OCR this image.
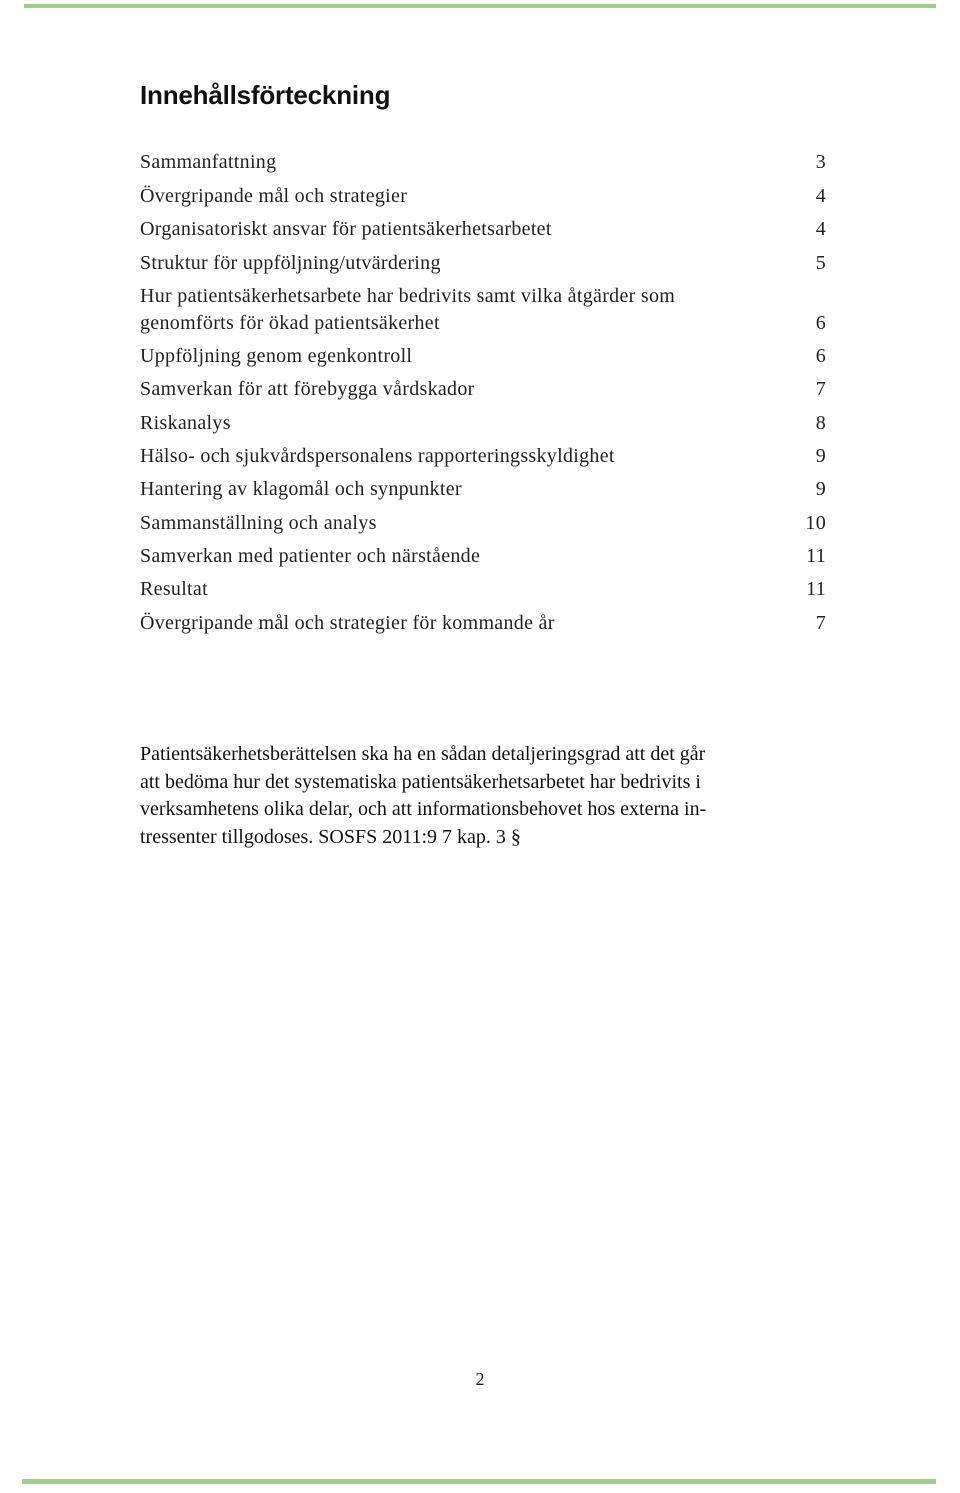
Innehållsförteckning
Sammanfattning	3
Övergripande mål och strategier	4
Organisatoriskt ansvar för patientsäkerhetsarbetet	4
Struktur för uppföljning/utvärdering	5
Hur patientsäkerhetsarbete har bedrivits samt vilka åtgärder som
genomförts för ökad patientsäkerhet	6
Uppföljning genom egenkontroll	6
Samverkan för att förebygga vårdskador	7
Riskanalys	8
Hälso- och sjukvårdspersonalens rapporteringsskyldighet	9
Hantering av klagomål och synpunkter	9
Sammanställning och analys	10
Samverkan med patienter och närstående	11
Resultat	11
Övergripande mål och strategier för kommande år	7
Patientsäkerhetsberättelsen ska ha en sådan detaljeringsgrad att det går
att bedöma hur det systematiska patientsäkerhetsarbetet har bedrivits i
verksamhetens olika delar, och att informationsbehovet hos externa in-
tressenter tillgodoses. SOSFS 2011:9 7 kap. 3 §
2
